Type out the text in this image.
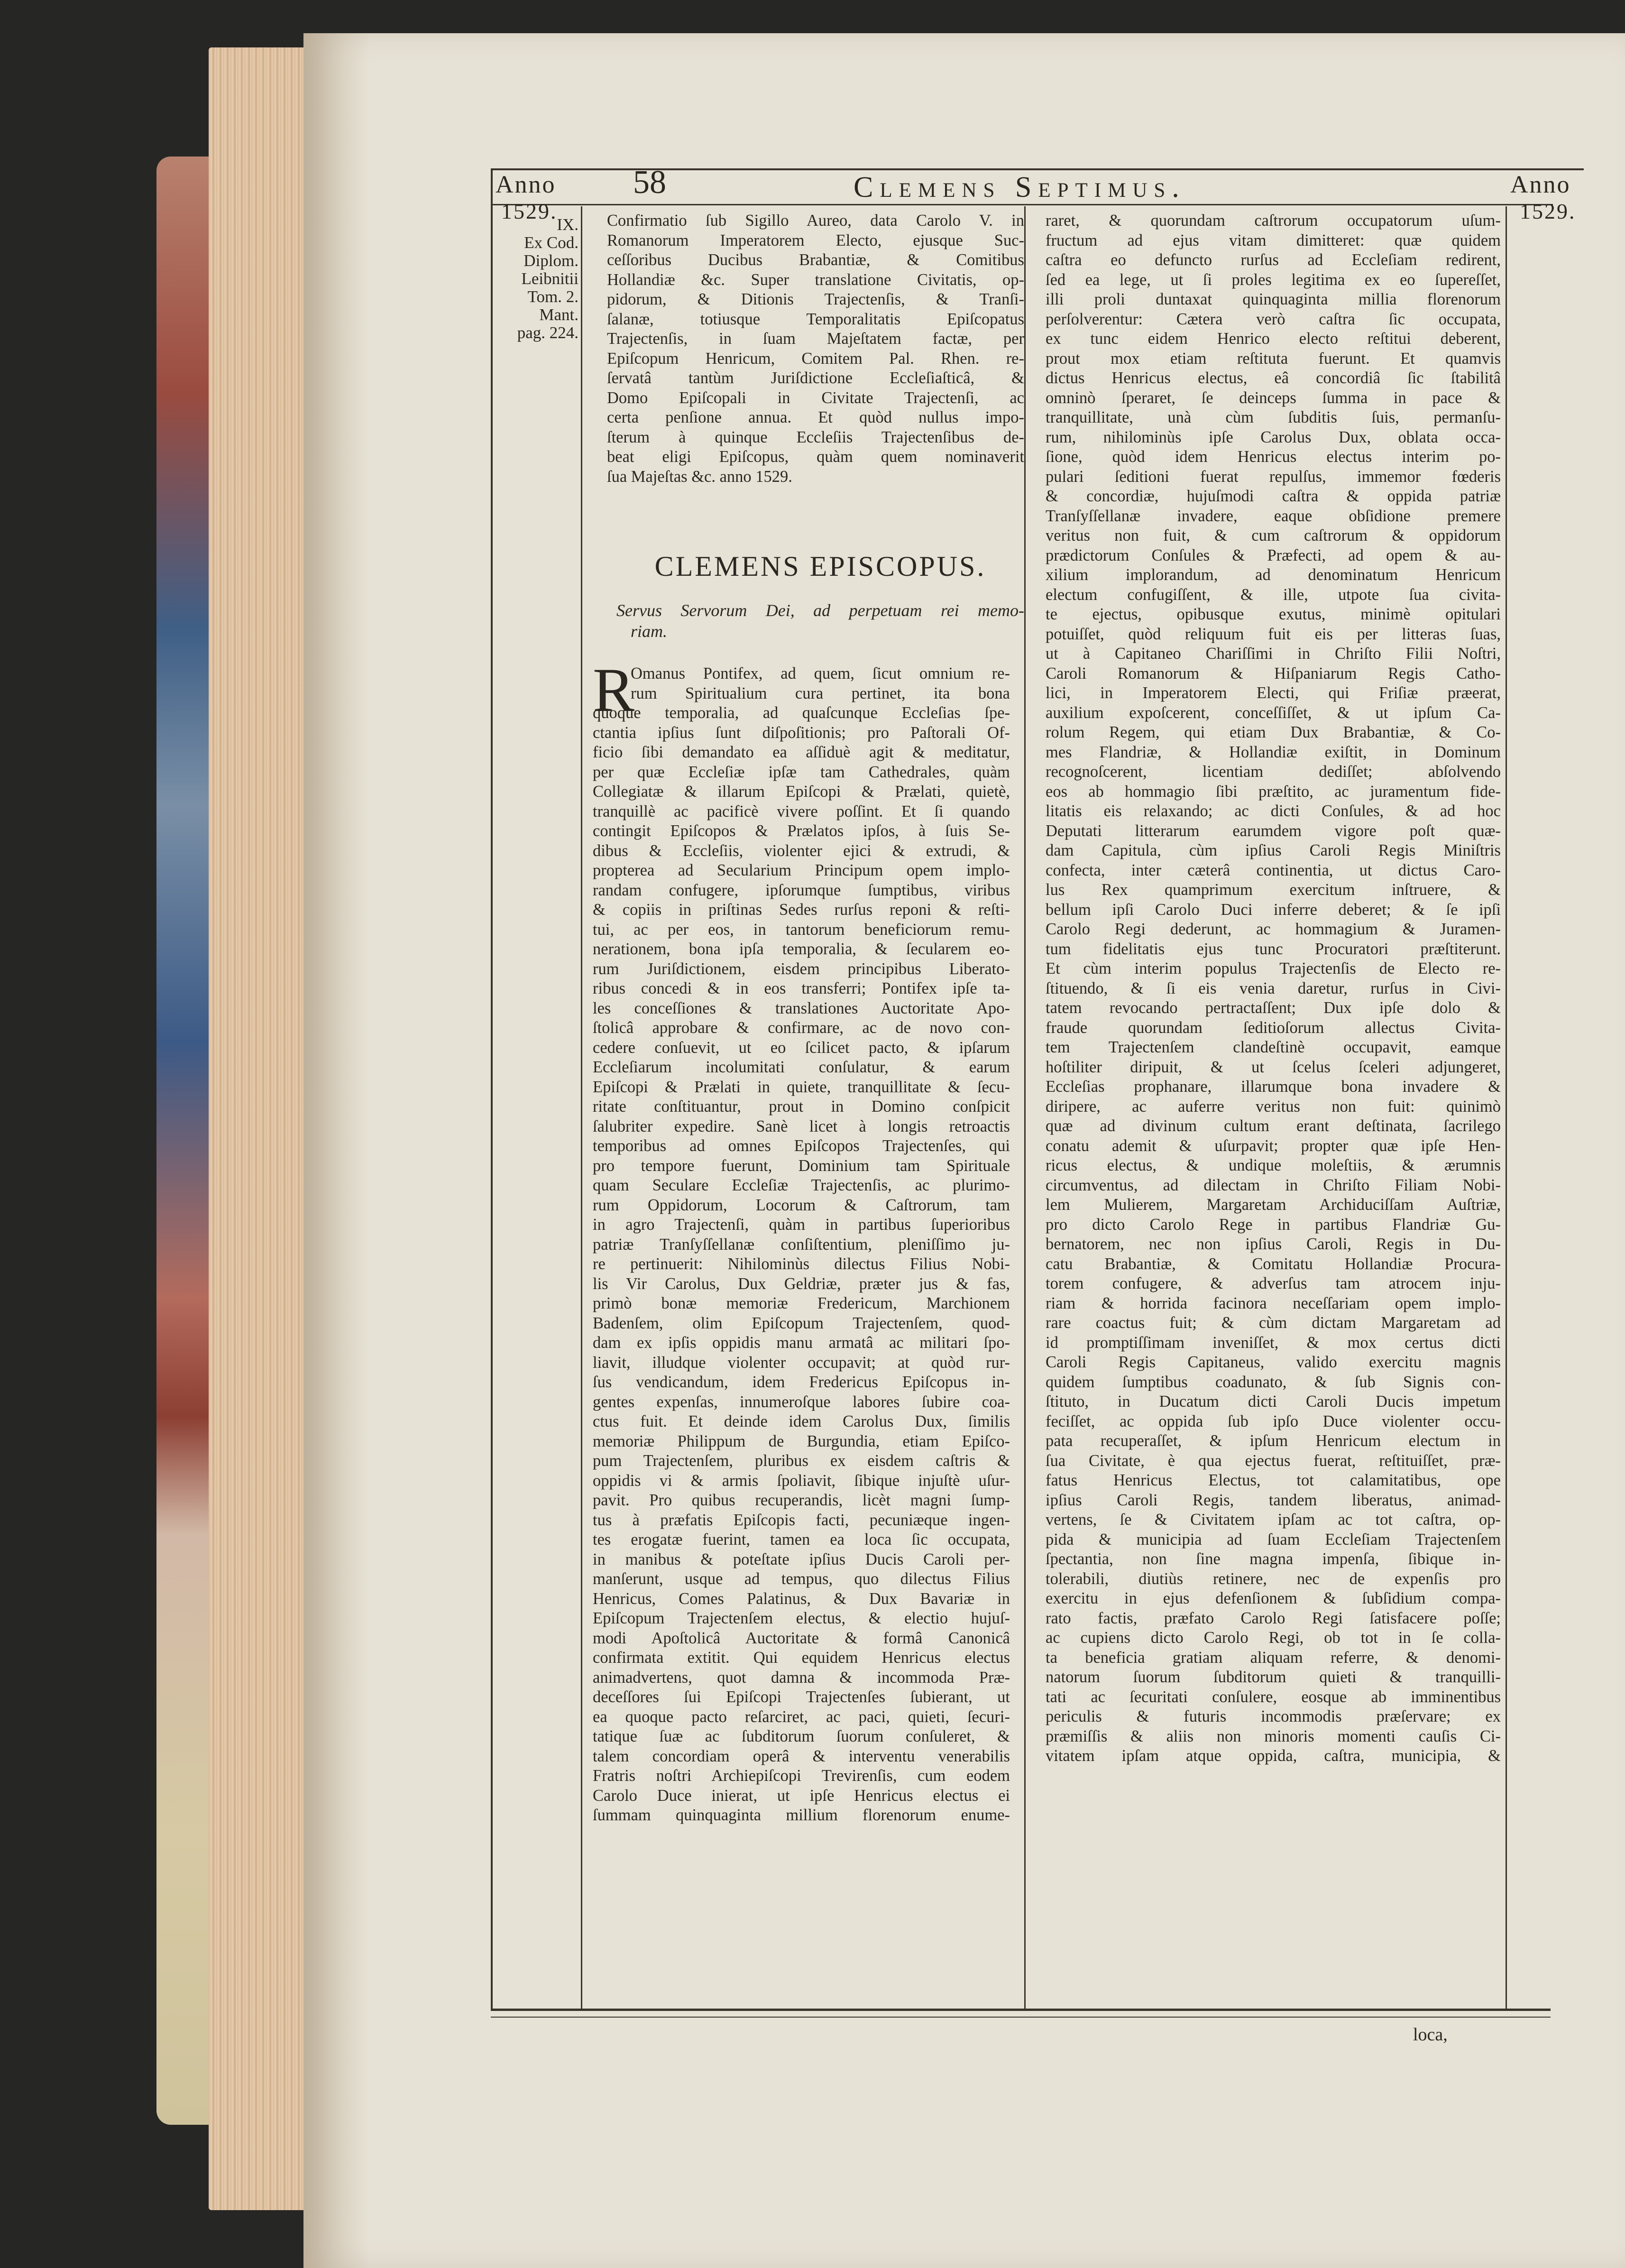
Anno
1529.
58	Clemens Septimus.	Anno
1529.
IX.
Ex Cod.
Diplom.
Leibnitii
Tom. 2.
Mant.
pag. 224.
Confirmatio ſub Sigillo Aureo, data Carolo V. in
Romanorum Imperatorem Electo, ejusque Suc-
ceſſoribus Ducibus Brabantiæ, & Comitibus
Hollandiæ &c. Super translatione Civitatis, op-
pidorum, & Ditionis Trajectenſis, & Tranſi-
ſalanæ, totiusque Temporalitatis Epiſcopatus
Trajectenſis, in ſuam Majeſtatem factæ, per
Epiſcopum Henricum, Comitem Pal. Rhen. re-
ſervatâ tantùm Juriſdictione Eccleſiaſticâ, &
Domo Epiſcopali in Civitate Trajectenſi, ac
certa penſione annua. Et quòd nullus impo-
ſterum à quinque Eccleſiis Trajectenſibus de-
beat eligi Epiſcopus, quàm quem nominaverit
ſua Majeſtas &c. anno 1529.
CLEMENS EPISCOPUS.
Servus Servorum Dei, ad perpetuam rei memo-
riam.
R
Omanus Pontifex, ad quem, ſicut omnium re-
rum Spiritualium cura pertinet, ita bona
quoque temporalia, ad quaſcunque Eccleſias ſpe-
ctantia ipſius ſunt diſpoſitionis; pro Paſtorali Of-
ficio ſibi demandato ea aſſiduè agit & meditatur,
per quæ Eccleſiæ ipſæ tam Cathedrales, quàm
Collegiatæ & illarum Epiſcopi & Prælati, quietè,
tranquillè ac pacificè vivere poſſint. Et ſi quando
contingit Epiſcopos & Prælatos ipſos, à ſuis Se-
dibus & Eccleſiis, violenter ejici & extrudi, &
propterea ad Secularium Principum opem implo-
randam confugere, ipſorumque ſumptibus, viribus
& copiis in priſtinas Sedes rurſus reponi & reſti-
tui, ac per eos, in tantorum beneficiorum remu-
nerationem, bona ipſa temporalia, & ſecularem eo-
rum Juriſdictionem, eisdem principibus Liberato-
ribus concedi & in eos transferri; Pontifex ipſe ta-
les conceſſiones & translationes Auctoritate Apo-
ſtolicâ approbare & confirmare, ac de novo con-
cedere conſuevit, ut eo ſcilicet pacto, & ipſarum
Eccleſiarum incolumitati conſulatur, & earum
Epiſcopi & Prælati in quiete, tranquillitate & ſecu-
ritate conſtituantur, prout in Domino conſpicit
ſalubriter expedire. Sanè licet à longis retroactis
temporibus ad omnes Epiſcopos Trajectenſes, qui
pro tempore fuerunt, Dominium tam Spirituale
quam Seculare Eccleſiæ Trajectenſis, ac plurimo-
rum Oppidorum, Locorum & Caſtrorum, tam
in agro Trajectenſi, quàm in partibus ſuperioribus
patriæ Tranſyſſellanæ conſiſtentium, pleniſſimo ju-
re pertinuerit: Nihilominùs dilectus Filius Nobi-
lis Vir Carolus, Dux Geldriæ, præter jus & fas,
primò bonæ memoriæ Fredericum, Marchionem
Badenſem, olim Epiſcopum Trajectenſem, quod-
dam ex ipſis oppidis manu armatâ ac militari ſpo-
liavit, illudque violenter occupavit; at quòd rur-
ſus vendicandum, idem Fredericus Epiſcopus in-
gentes expenſas, innumeroſque labores ſubire coa-
ctus fuit. Et deinde idem Carolus Dux, ſimilis
memoriæ Philippum de Burgundia, etiam Epiſco-
pum Trajectenſem, pluribus ex eisdem caſtris &
oppidis vi & armis ſpoliavit, ſibique injuſtè uſur-
pavit. Pro quibus recuperandis, licèt magni ſump-
tus à præfatis Epiſcopis facti, pecuniæque ingen-
tes erogatæ fuerint, tamen ea loca ſic occupata,
in manibus & poteſtate ipſius Ducis Caroli per-
manſerunt, usque ad tempus, quo dilectus Filius
Henricus, Comes Palatinus, & Dux Bavariæ in
Epiſcopum Trajectenſem electus, & electio hujuſ-
modi Apoſtolicâ Auctoritate & formâ Canonicâ
confirmata extitit. Qui equidem Henricus electus
animadvertens, quot damna & incommoda Præ-
deceſſores ſui Epiſcopi Trajectenſes ſubierant, ut
ea quoque pacto reſarciret, ac paci, quieti, ſecuri-
tatique ſuæ ac ſubditorum ſuorum conſuleret, &
talem concordiam operâ & interventu venerabilis
Fratris noſtri Archiepiſcopi Trevirenſis, cum eodem
Carolo Duce inierat, ut ipſe Henricus electus ei
ſummam quinquaginta millium florenorum enume-
raret, & quorundam caſtrorum occupatorum uſum-
fructum ad ejus vitam dimitteret: quæ quidem
caſtra eo defuncto rurſus ad Eccleſiam redirent,
ſed ea lege, ut ſi proles legitima ex eo ſupereſſet,
illi proli duntaxat quinquaginta millia florenorum
perſolverentur: Cætera verò caſtra ſic occupata,
ex tunc eidem Henrico electo reſtitui deberent,
prout mox etiam reſtituta fuerunt. Et quamvis
dictus Henricus electus, eâ concordiâ ſic ſtabilitâ
omninò ſperaret, ſe deinceps ſumma in pace &
tranquillitate, unà cùm ſubditis ſuis, permanſu-
rum, nihilominùs ipſe Carolus Dux, oblata occa-
ſione, quòd idem Henricus electus interim po-
pulari ſeditioni fuerat repulſus, immemor fœderis
& concordiæ, hujuſmodi caſtra & oppida patriæ
Tranſyſſellanæ invadere, eaque obſidione premere
veritus non fuit, & cum caſtrorum & oppidorum
prædictorum Conſules & Præfecti, ad opem & au-
xilium implorandum, ad denominatum Henricum
electum confugiſſent, & ille, utpote ſua civita-
te ejectus, opibusque exutus, minimè opitulari
potuiſſet, quòd reliquum fuit eis per litteras ſuas,
ut à Capitaneo Chariſſimi in Chriſto Filii Noſtri,
Caroli Romanorum & Hiſpaniarum Regis Catho-
lici, in Imperatorem Electi, qui Friſiæ præerat,
auxilium expoſcerent, conceſſiſſet, & ut ipſum Ca-
rolum Regem, qui etiam Dux Brabantiæ, & Co-
mes Flandriæ, & Hollandiæ exiſtit, in Dominum
recognoſcerent, licentiam dediſſet; abſolvendo
eos ab hommagio ſibi præſtito, ac juramentum fide-
litatis eis relaxando; ac dicti Conſules, & ad hoc
Deputati litterarum earumdem vigore poſt quæ-
dam Capitula, cùm ipſius Caroli Regis Miniſtris
confecta, inter cæterâ continentia, ut dictus Caro-
lus Rex quamprimum exercitum inſtruere, &
bellum ipſi Carolo Duci inferre deberet; & ſe ipſi
Carolo Regi dederunt, ac hommagium & Juramen-
tum fidelitatis ejus tunc Procuratori præſtiterunt.
Et cùm interim populus Trajectenſis de Electo re-
ſtituendo, & ſi eis venia daretur, rurſus in Civi-
tatem revocando pertractaſſent; Dux ipſe dolo &
fraude quorundam ſeditioſorum allectus Civita-
tem Trajectenſem clandeſtinè occupavit, eamque
hoſtiliter diripuit, & ut ſcelus ſceleri adjungeret,
Eccleſias prophanare, illarumque bona invadere &
diripere, ac auferre veritus non fuit: quinimò
quæ ad divinum cultum erant deſtinata, ſacrilego
conatu ademit & uſurpavit; propter quæ ipſe Hen-
ricus electus, & undique moleſtiis, & ærumnis
circumventus, ad dilectam in Chriſto Filiam Nobi-
lem Mulierem, Margaretam Archiduciſſam Auſtriæ,
pro dicto Carolo Rege in partibus Flandriæ Gu-
bernatorem, nec non ipſius Caroli, Regis in Du-
catu Brabantiæ, & Comitatu Hollandiæ Procura-
torem confugere, & adverſus tam atrocem inju-
riam & horrida facinora neceſſariam opem implo-
rare coactus fuit; & cùm dictam Margaretam ad
id promptiſſimam inveniſſet, & mox certus dicti
Caroli Regis Capitaneus, valido exercitu magnis
quidem ſumptibus coadunato, & ſub Signis con-
ſtituto, in Ducatum dicti Caroli Ducis impetum
feciſſet, ac oppida ſub ipſo Duce violenter occu-
pata recuperaſſet, & ipſum Henricum electum in
ſua Civitate, è qua ejectus fuerat, reſtituiſſet, præ-
fatus Henricus Electus, tot calamitatibus, ope
ipſius Caroli Regis, tandem liberatus, animad-
vertens, ſe & Civitatem ipſam ac tot caſtra, op-
pida & municipia ad ſuam Eccleſiam Trajectenſem
ſpectantia, non ſine magna impenſa, ſibique in-
tolerabili, diutiùs retinere, nec de expenſis pro
exercitu in ejus defenſionem & ſubſidium compa-
rato factis, præfato Carolo Regi ſatisfacere poſſe;
ac cupiens dicto Carolo Regi, ob tot in ſe colla-
ta beneficia gratiam aliquam referre, & denomi-
natorum ſuorum ſubditorum quieti & tranquilli-
tati ac ſecuritati conſulere, eosque ab imminentibus
periculis & futuris incommodis præſervare; ex
præmiſſis & aliis non minoris momenti cauſis Ci-
vitatem ipſam atque oppida, caſtra, municipia, &
loca,
